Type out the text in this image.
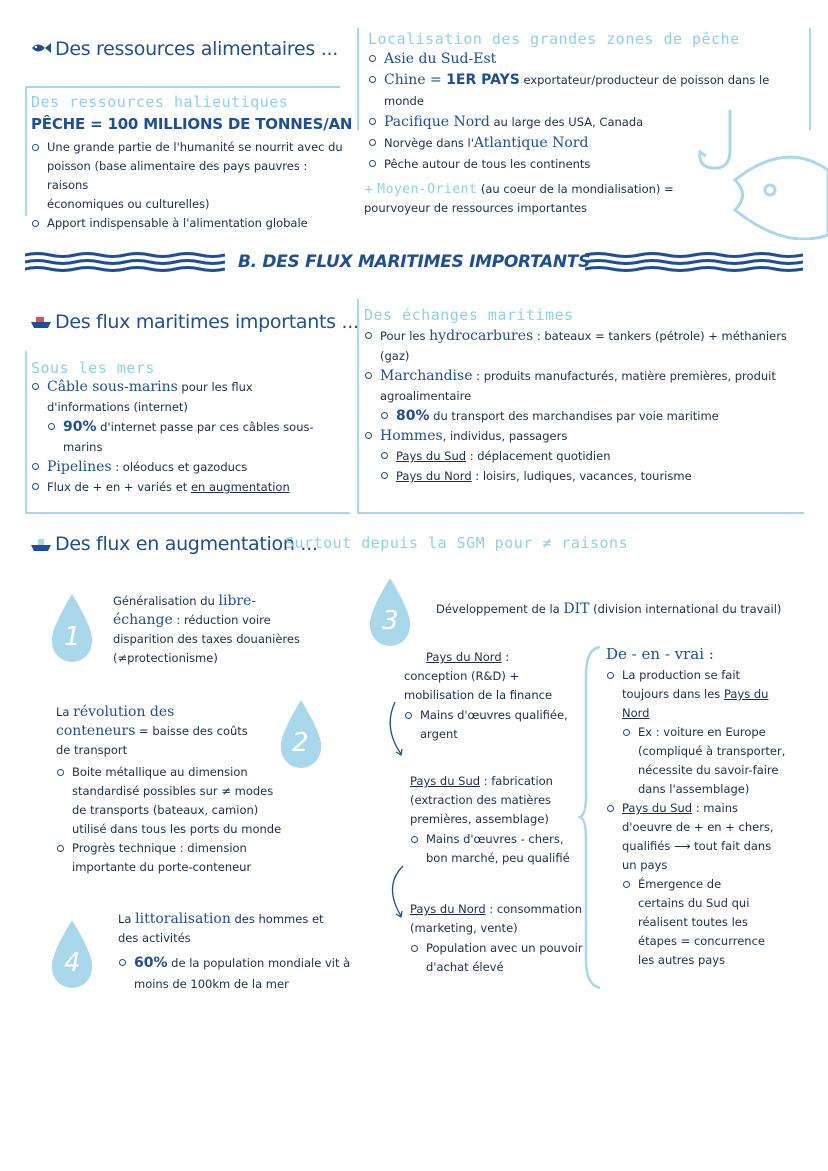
Des ressources alimentaires ...
Des ressources halieutiques
PÊCHE = 100 MILLIONS DE TONNES/AN
Une grande partie de l'humanité se nourrit avec du
poisson (base alimentaire des pays pauvres : raisons
économiques ou culturelles)
Apport indispensable à l'alimentation globale
Localisation des grandes zones de pêche
Asie du Sud-Est
Chine = 1ER PAYS exportateur/producteur de poisson dans le monde
Pacifique Nord au large des USA, Canada
Norvège dans l'Atlantique Nord
Pêche autour de tous les continents
+ Moyen-Orient (au coeur de la mondialisation) =
pourvoyeur de ressources importantes
B. DES FLUX MARITIMES IMPORTANTS
Des flux maritimes importants ...
Sous les mers
Câble sous-marins pour les flux
d'informations (internet)
90% d'internet passe par ces câbles sous-
marins
Pipelines : oléoducs et gazoducs
Flux de + en + variés et en augmentation
Des échanges maritimes
Pour les hydrocarbures : bateaux = tankers (pétrole) + méthaniers
(gaz)
Marchandise : produits manufacturés, matière premières, produit
agroalimentaire
80% du transport des marchandises par voie maritime
Hommes, individus, passagers
Pays du Sud : déplacement quotidien
Pays du Nord : loisirs, ludiques, vacances, tourisme
Des flux en augmentation ...
Surtout depuis la SGM pour ≠ raisons
1
2
3
4
Généralisation du libre-
échange : réduction voire
disparition des taxes douanières
(≠protectionisme)
La révolution des
conteneurs = baisse des coûts
de transport
Boite métallique au dimension
standardisé possibles sur ≠ modes
de transports (bateaux, camion)
utilisé dans tous les ports du monde
Progrès technique : dimension
importante du porte-conteneur
La littoralisation des hommes et
des activités
60% de la population mondiale vit à
moins de 100km de la mer
Développement de la DIT (division international du travail)
Pays du Nord :
conception (R&D) +
mobilisation de la finance
Mains d'œuvres qualifiée,
argent
Pays du Sud : fabrication
(extraction des matières
premières, assemblage)
Mains d'œuvres - chers,
bon marché, peu qualifié
Pays du Nord : consommation
(marketing, vente)
Population avec un pouvoir
d'achat élevé
De - en - vrai :
La production se fait
toujours dans les Pays du
Nord
Ex : voiture en Europe
(compliqué à transporter,
nécessite du savoir-faire
dans l'assemblage)
Pays du Sud : mains
d'oeuvre de + en + chers,
qualifiés ⟶ tout fait dans
un pays
Émergence de
certains du Sud qui
réalisent toutes les
étapes = concurrence
les autres pays
